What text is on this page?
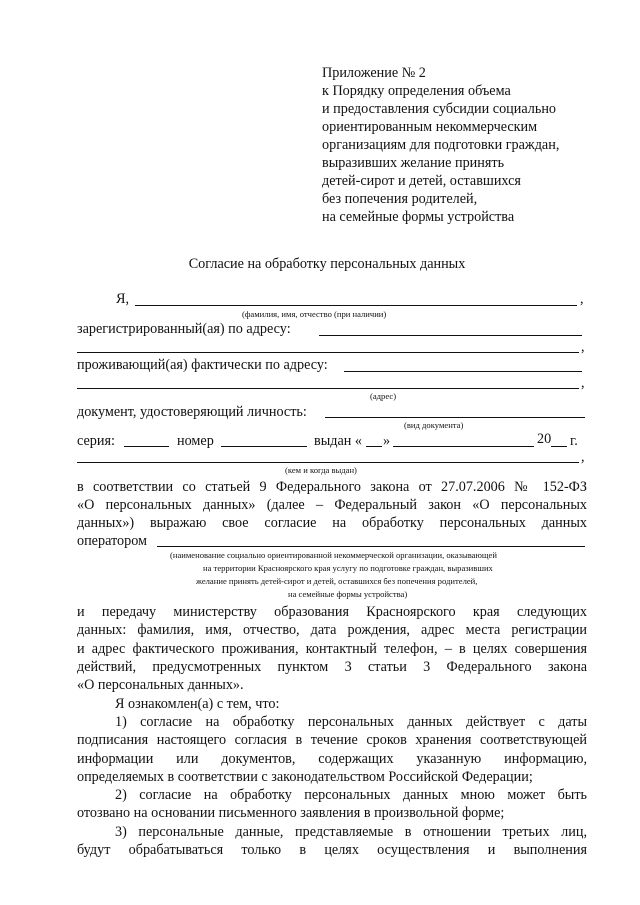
Приложение № 2
к Порядку определения объема
и предоставления субсидии социально
ориентированным некоммерческим
организациям для подготовки граждан,
выразивших желание принять
детей-сирот и детей, оставшихся
без попечения родителей,
на семейные формы устройства
Согласие на обработку персональных данных
Я,	,
(фамилия, имя, отчество (при наличии)
зарегистрированный(ая) по адресу:
,
проживающий(ая) фактически по адресу:
,
(адрес)
документ, удостоверяющий личность:
(вид документа)
серия:	номер	выдан « »	20 г.
,
(кем и когда выдан)
в соответствии со статьей 9 Федерального закона от 27.07.2006 № 152-ФЗ
«О персональных данных» (далее – Федеральный закон «О персональных
данных») выражаю свое согласие на обработку персональных данных
оператором
(наименование социально ориентированной некоммерческой организации, оказывающей
на территории Красноярского края услугу по подготовке граждан, выразивших
желание принять детей-сирот и детей, оставшихся без попечения родителей,
на семейные формы устройства)
и передачу министерству образования Красноярского края следующих
данных: фамилия, имя, отчество, дата рождения, адрес места регистрации
и адрес фактического проживания, контактный телефон, – в целях совершения
действий, предусмотренных пунктом 3 статьи 3 Федерального закона
«О персональных данных».
Я ознакомлен(а) с тем, что:
1) согласие на обработку персональных данных действует с даты
подписания настоящего согласия в течение сроков хранения соответствующей
информации или документов, содержащих указанную информацию,
определяемых в соответствии с законодательством Российской Федерации;
2) согласие на обработку персональных данных мною может быть
отозвано на основании письменного заявления в произвольной форме;
3) персональные данные, представляемые в отношении третьих лиц,
будут обрабатываться только в целях осуществления и выполнения
